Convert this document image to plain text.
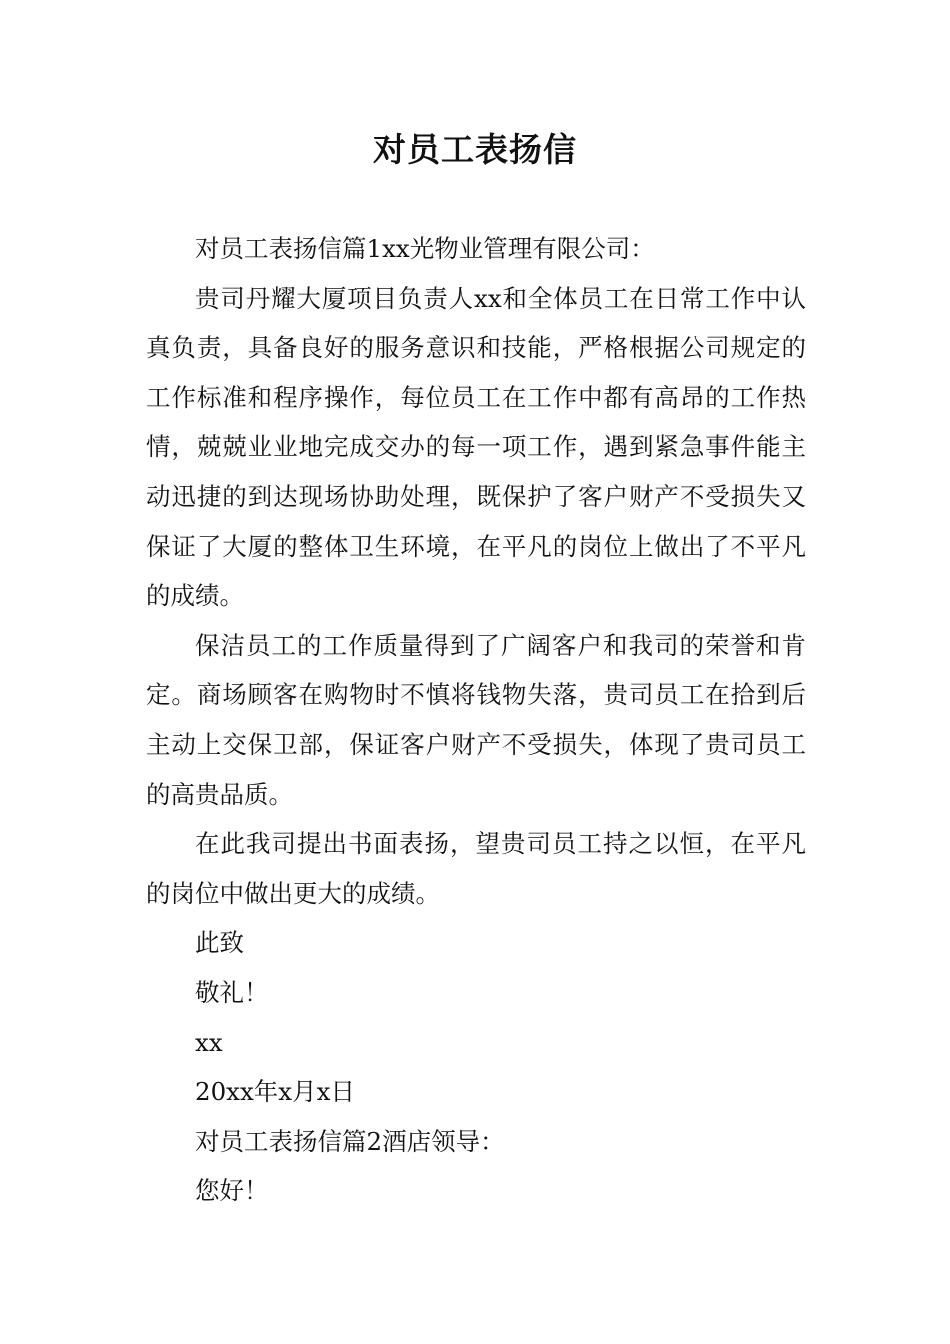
对员工表扬信

对员工表扬信篇1xx光物业管理有限公司：

贵司丹耀大厦项目负责人xx和全体员工在日常工作中认真负责，具备良好的服务意识和技能，严格根据公司规定的工作标准和程序操作，每位员工在工作中都有高昂的工作热情，兢兢业业地完成交办的每一项工作，遇到紧急事件能主动迅捷的到达现场协助处理，既保护了客户财产不受损失又保证了大厦的整体卫生环境，在平凡的岗位上做出了不平凡的成绩。

保洁员工的工作质量得到了广阔客户和我司的荣誉和肯定。商场顾客在购物时不慎将钱物失落，贵司员工在拾到后主动上交保卫部，保证客户财产不受损失，体现了贵司员工的高贵品质。

在此我司提出书面表扬，望贵司员工持之以恒，在平凡的岗位中做出更大的成绩。

此致

敬礼！

xx

20xx年x月x日

对员工表扬信篇2酒店领导：

您好！
